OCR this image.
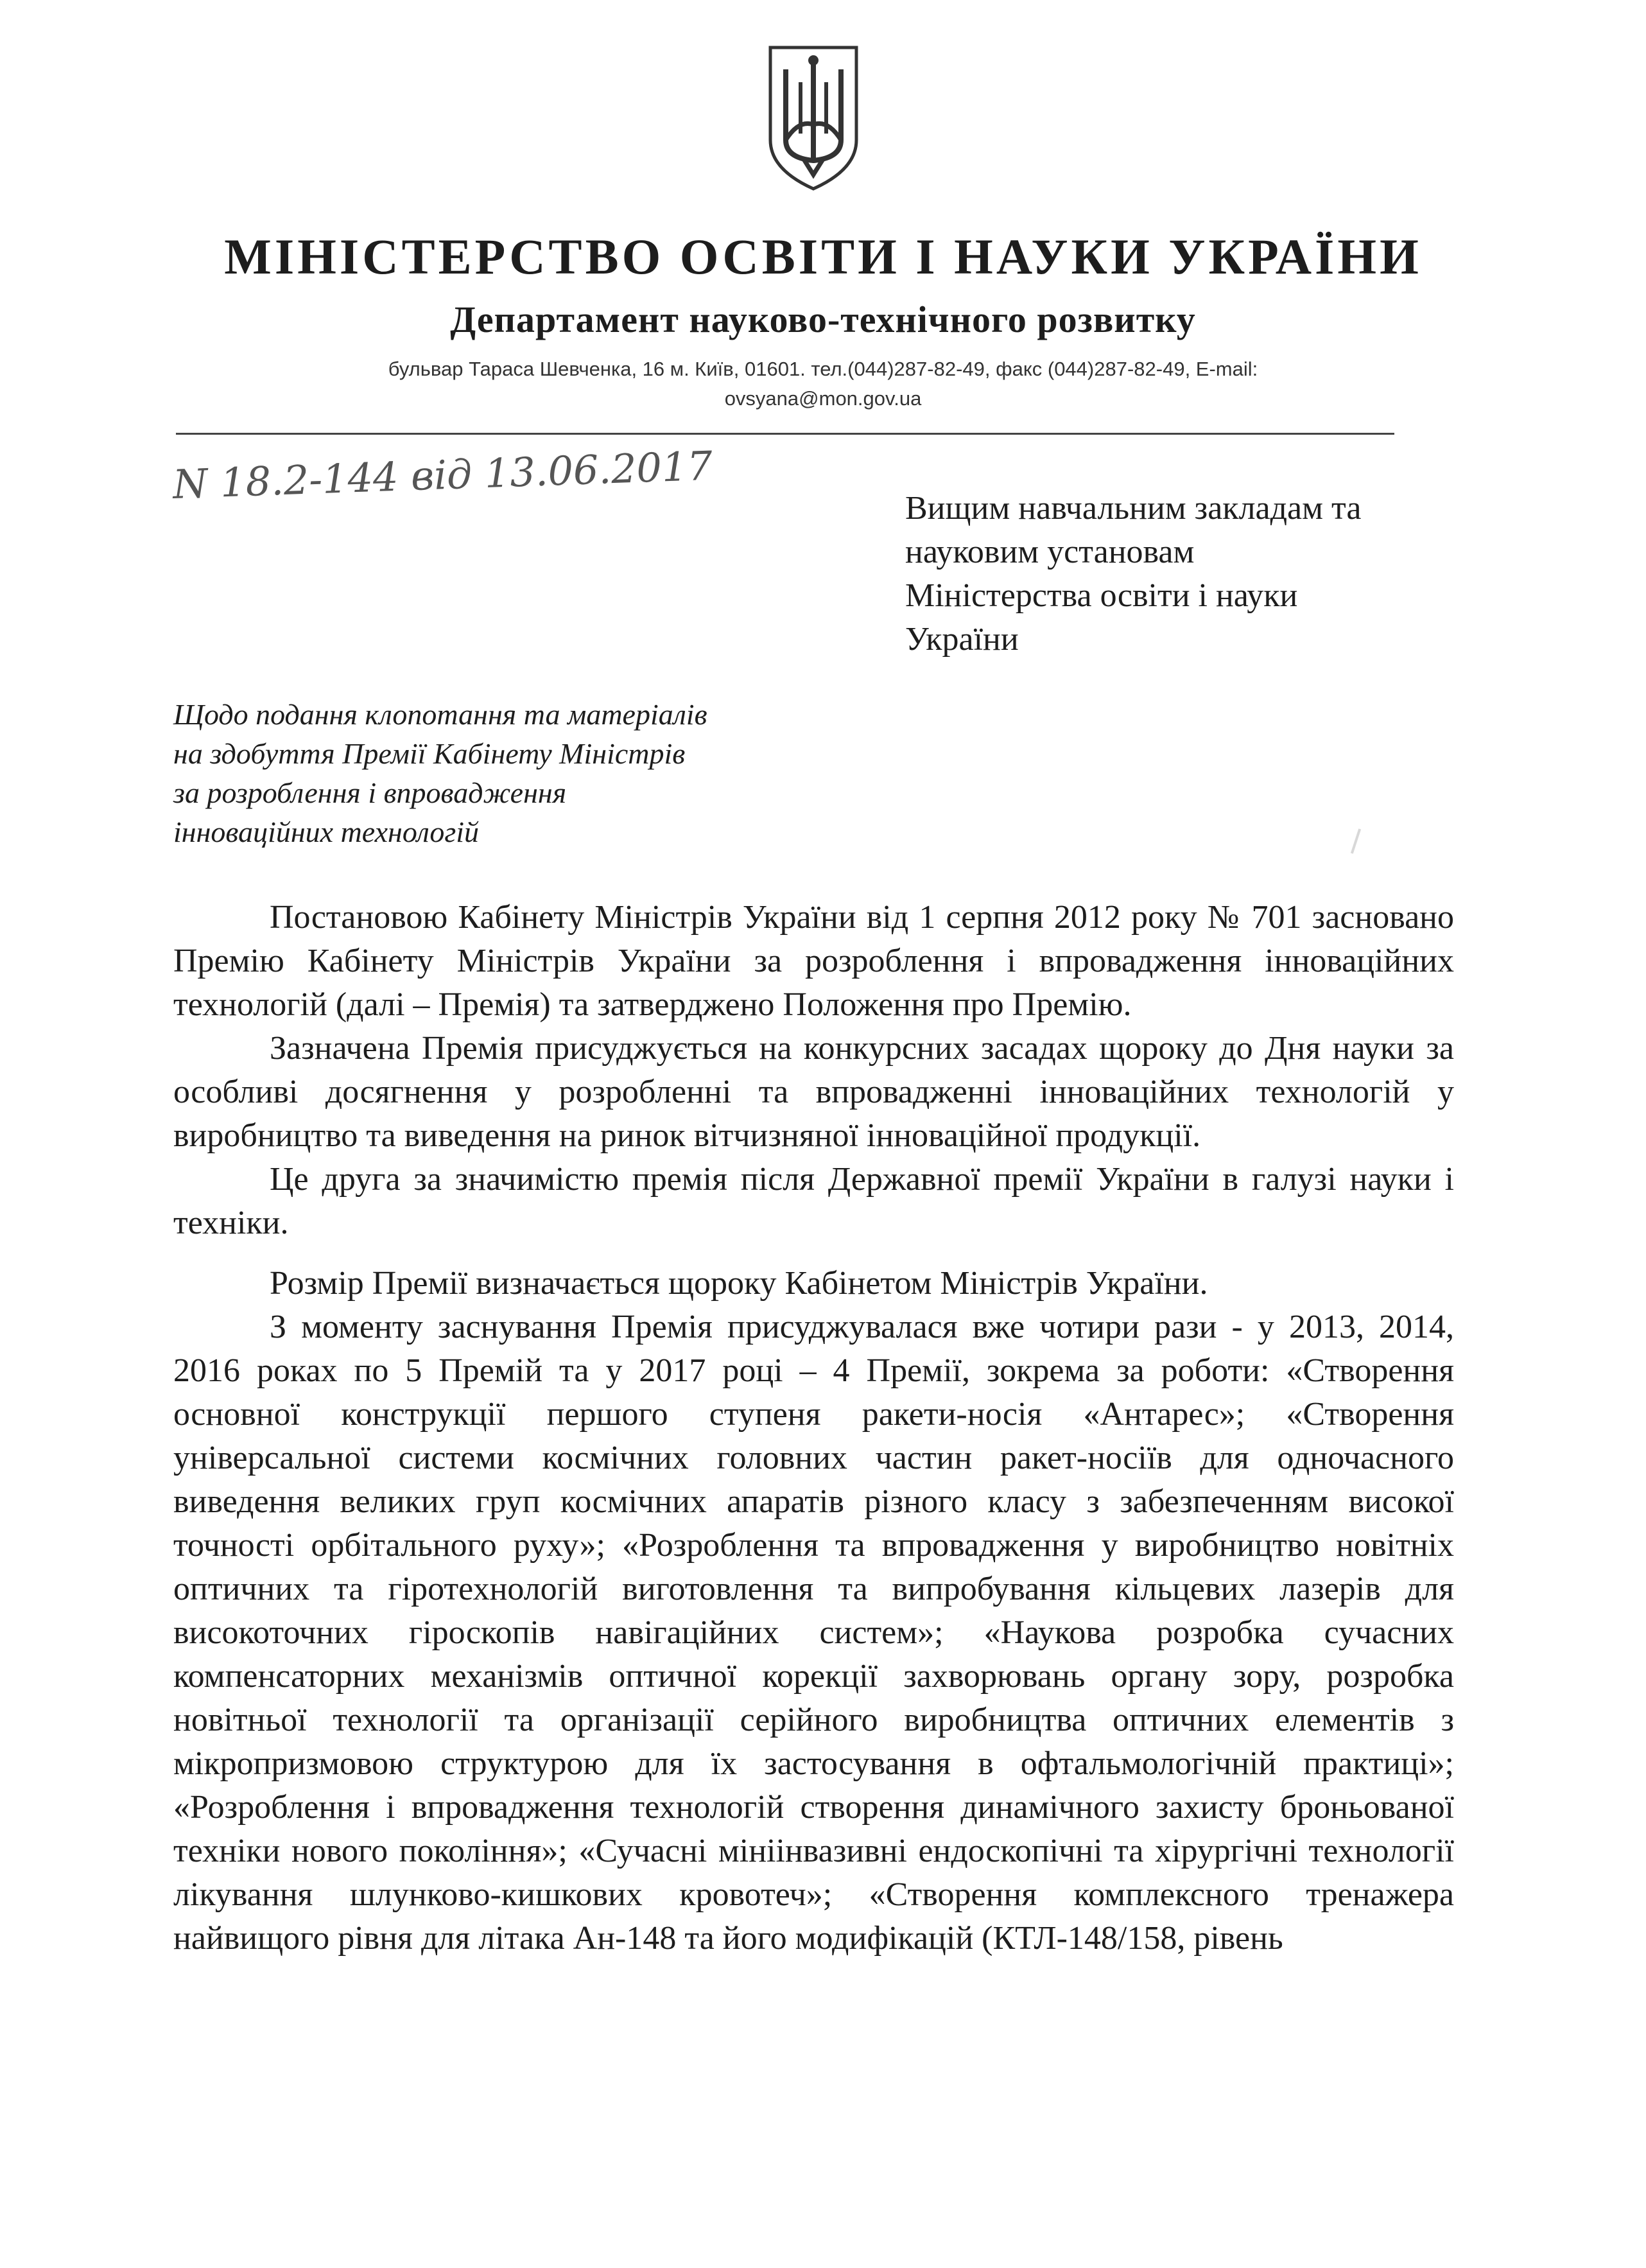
МІНІСТЕРСТВО ОСВІТИ І НАУКИ УКРАЇНИ
Департамент науково-технічного розвитку
бульвар Тараса Шевченка, 16 м. Київ, 01601. тел.(044)287-82-49, факс (044)287-82-49, E-mail:
ovsyana@mon.gov.ua
N 18.2-144 від 13.06.2017
Вищим навчальним закладам та
науковим установам
Міністерства освіти і науки
України
Щодо подання клопотання та матеріалів
на здобуття Премії Кабінету Міністрів
за розроблення і впровадження
інноваційних технологій

Постановою Кабінету Міністрів України від 1 серпня 2012 року № 701 засновано Премію Кабінету Міністрів України за розроблення і впровадження інноваційних технологій (далі – Премія) та затверджено Положення про Премію.

Зазначена Премія присуджується на конкурсних засадах щороку до Дня науки за особливі досягнення у розробленні та впровадженні інноваційних технологій у виробництво та виведення на ринок вітчизняної інноваційної продукції.

Це друга за значимістю премія після Державної премії України в галузі науки і техніки.

Розмір Премії визначається щороку Кабінетом Міністрів України.

З моменту заснування Премія присуджувалася вже чотири рази - у 2013, 2014, 2016 роках по 5 Премій та у 2017 році – 4 Премії, зокрема за роботи: «Створення основної конструкції першого ступеня ракети-носія «Антарес»; «Створення універсальної системи космічних головних частин ракет-носіїв для одночасного виведення великих груп космічних апаратів різного класу з забезпеченням високої точності орбітального руху»; «Розроблення та впровадження у виробництво новітніх оптичних та гіротехнологій виготовлення та випробування кільцевих лазерів для високоточних гіроскопів навігаційних систем»; «Наукова розробка сучасних компенсаторних механізмів оптичної корекції захворювань органу зору, розробка новітньої технології та організації серійного виробництва оптичних елементів з мікропризмовою структурою для їх застосування в офтальмологічній практиці»; «Розроблення і впровадження технологій створення динамічного захисту броньованої техніки нового покоління»; «Сучасні мініінвазивні ендоскопічні та хірургічні технології лікування шлунково-кишкових кровотеч»; «Створення комплексного тренажера найвищого рівня для літака Ан-148 та його модифікацій (КТЛ-148/158, рівень
